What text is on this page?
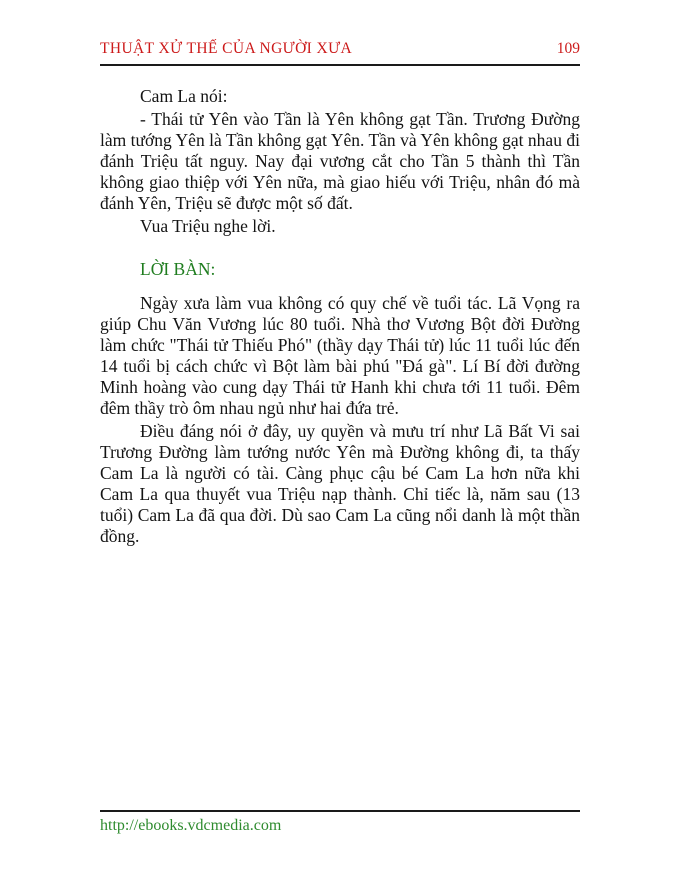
THUẬT XỬ THẾ CỦA NGƯỜI XƯA	109

Cam La nói:

- Thái tử Yên vào Tần là Yên không gạt Tần. Trương Đường làm tướng Yên là Tần không gạt Yên. Tần và Yên không gạt nhau đi đánh Triệu tất nguy. Nay đại vương cắt cho Tần 5 thành thì Tần không giao thiệp với Yên nữa, mà giao hiếu với Triệu, nhân đó mà đánh Yên, Triệu sẽ được một số đất.

Vua Triệu nghe lời.

LỜI BÀN:

Ngày xưa làm vua không có quy chế về tuổi tác. Lã Vọng ra giúp Chu Văn Vương lúc 80 tuổi. Nhà thơ Vương Bột đời Đường làm chức "Thái tử Thiếu Phó" (thầy dạy Thái tử) lúc 11 tuổi lúc đến 14 tuổi bị cách chức vì Bột làm bài phú "Đá gà". Lí Bí đời đường Minh hoàng vào cung dạy Thái tử Hanh khi chưa tới 11 tuổi. Đêm đêm thầy trò ôm nhau ngủ như hai đứa trẻ.

Điều đáng nói ở đây, uy quyền và mưu trí như Lã Bất Vi sai Trương Đường làm tướng nước Yên mà Đường không đi, ta thấy Cam La là người có tài. Càng phục cậu bé Cam La hơn nữa khi Cam La qua thuyết vua Triệu nạp thành. Chỉ tiếc là, năm sau (13 tuổi) Cam La đã qua đời. Dù sao Cam La cũng nổi danh là một thần đồng.

http://ebooks.vdcmedia.com
